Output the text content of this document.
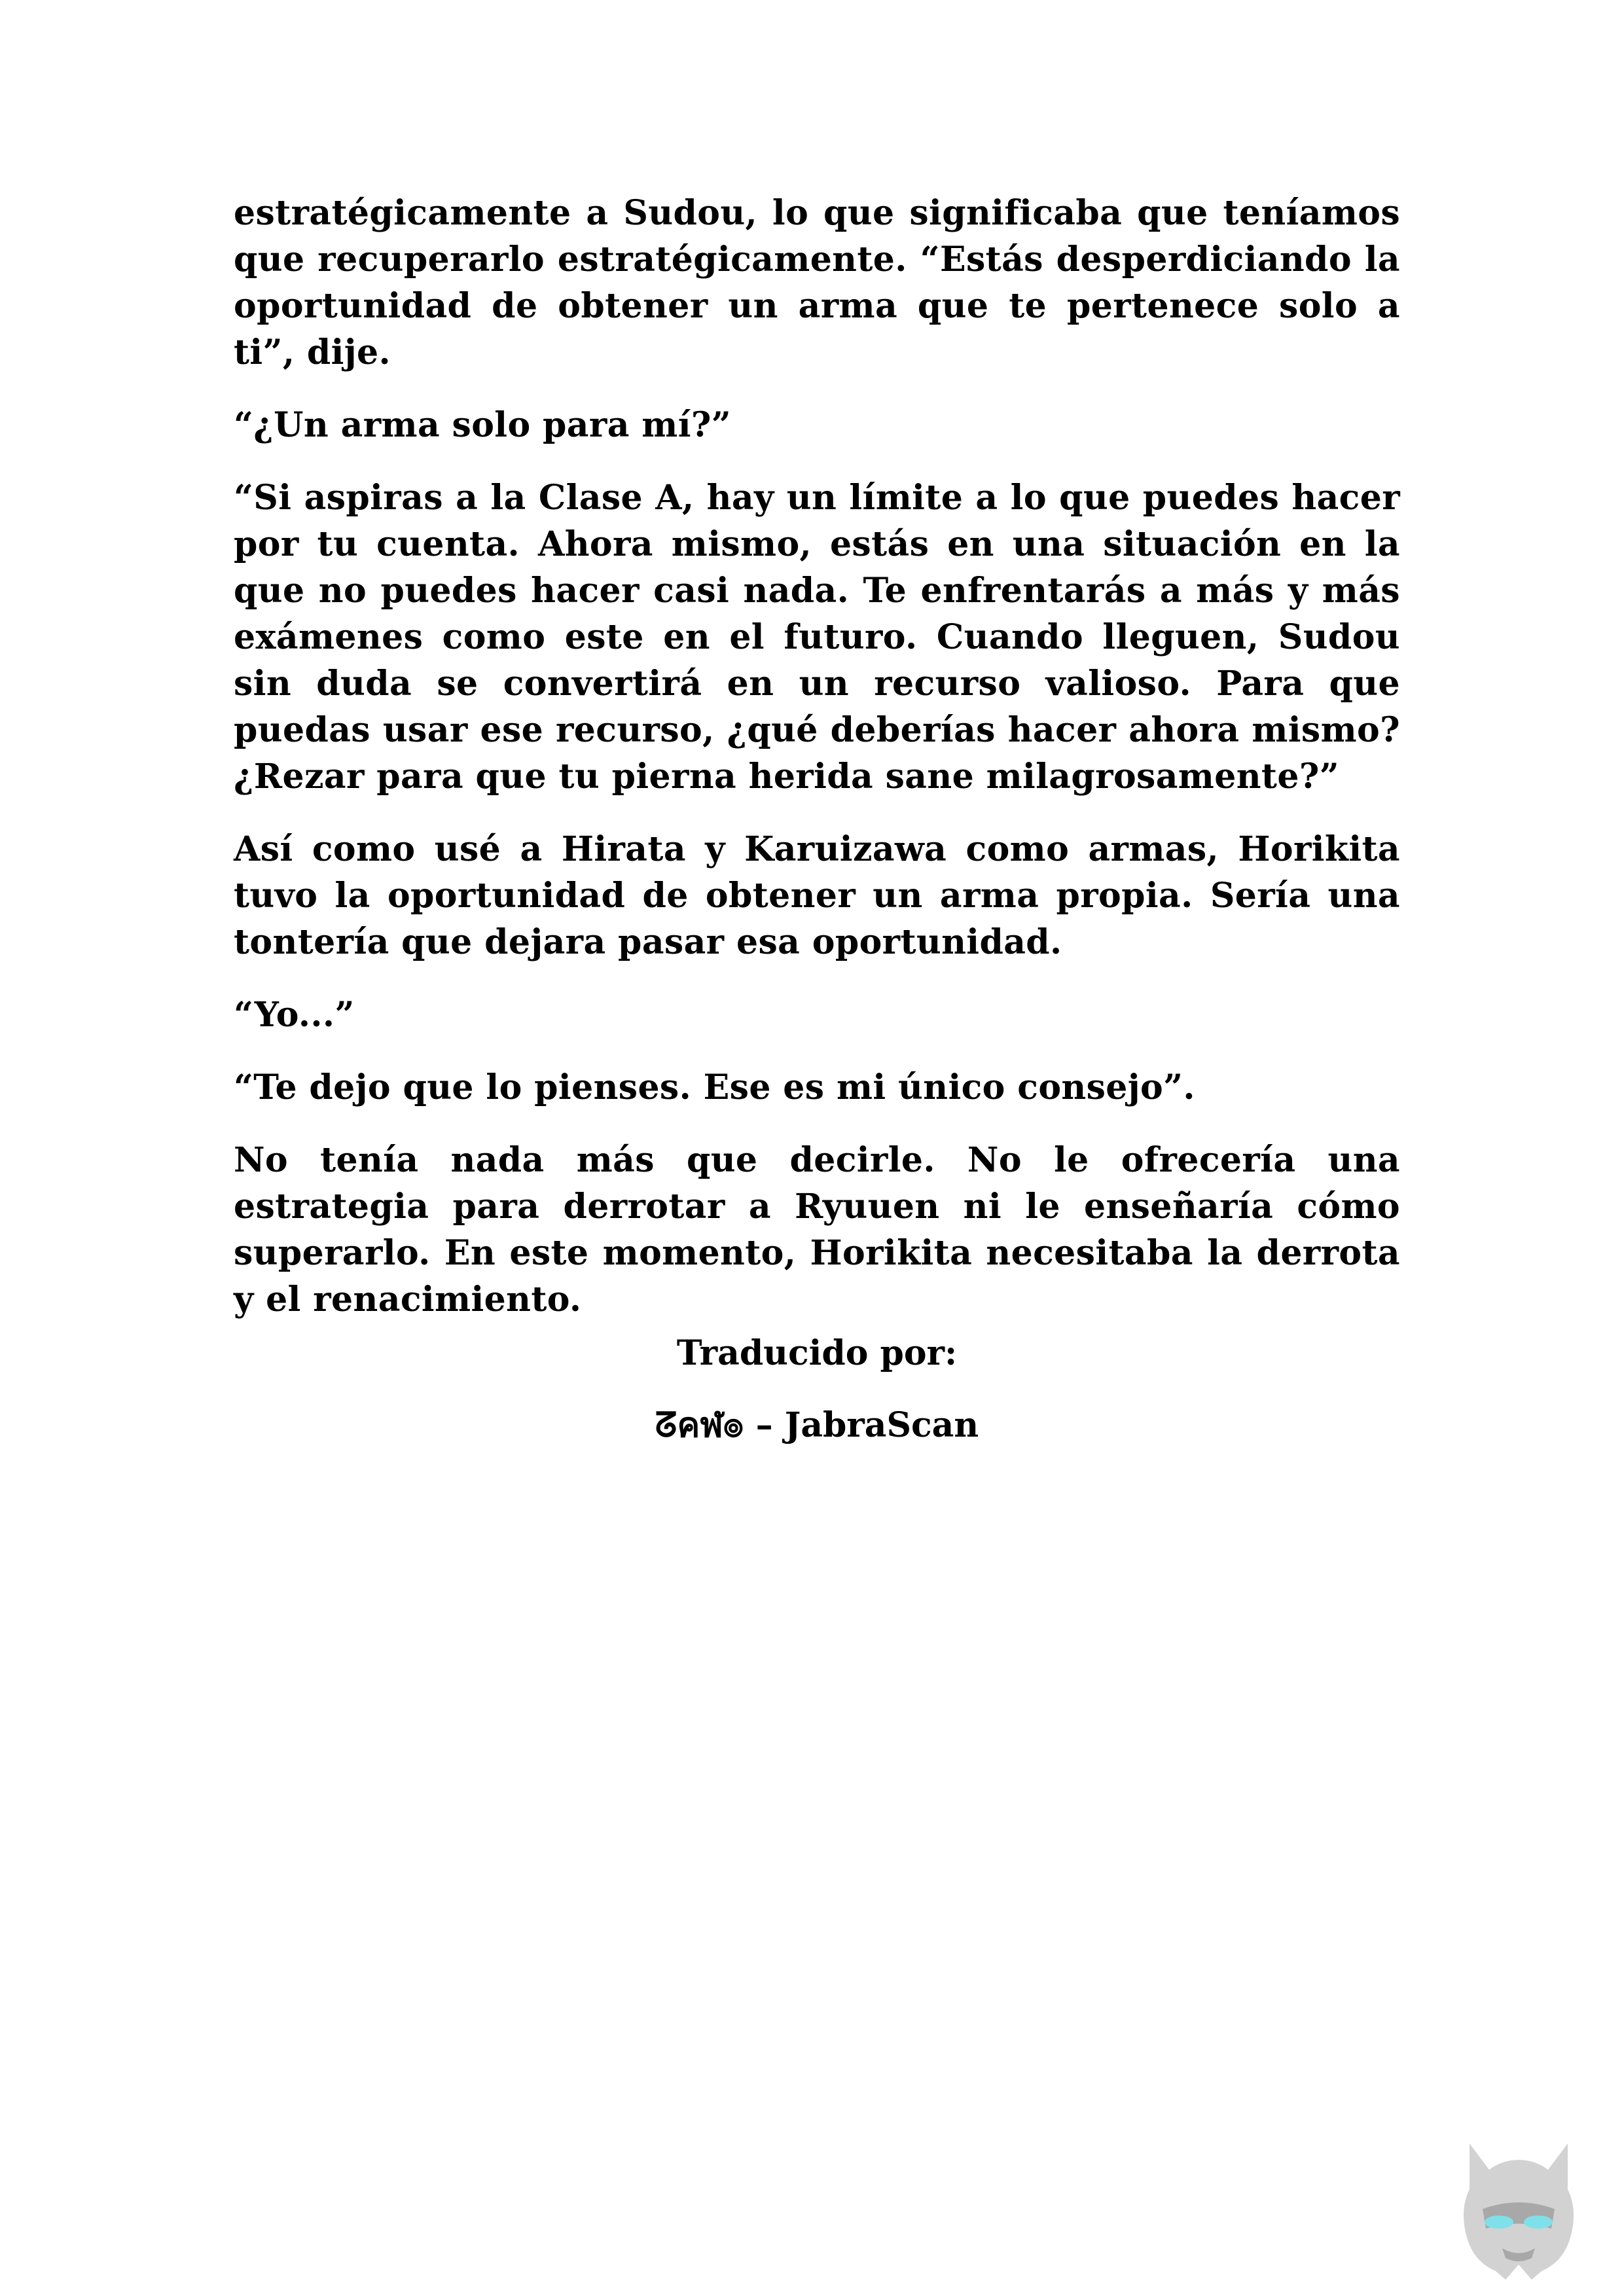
estratégicamente a Sudou, lo que significaba que teníamos que recuperarlo estratégicamente. “Estás desperdiciando la oportunidad de obtener un arma que te pertenece solo a ti”, dije.

“¿Un arma solo para mí?”

“Si aspiras a la Clase A, hay un límite a lo que puedes hacer por tu cuenta. Ahora mismo, estás en una situación en la que no puedes hacer casi nada. Te enfrentarás a más y más exámenes como este en el futuro. Cuando lleguen, Sudou sin duda se convertirá en un recurso valioso. Para que puedas usar ese recurso, ¿qué deberías hacer ahora mismo? ¿Rezar para que tu pierna herida sane milagrosamente?”

Así como usé a Hirata y Karuizawa como armas, Horikita tuvo la oportunidad de obtener un arma propia. Sería una tontería que dejara pasar esa oportunidad.

“Yo...”

“Te dejo que lo pienses. Ese es mi único consejo”.

No tenía nada más que decirle. No le ofrecería una estrategia para derrotar a Ryuuen ni le enseñaría cómo superarlo. En este momento, Horikita necesitaba la derrota y el renacimiento.

Traducido por:
ᘔคฬ๏ – JabraScan
